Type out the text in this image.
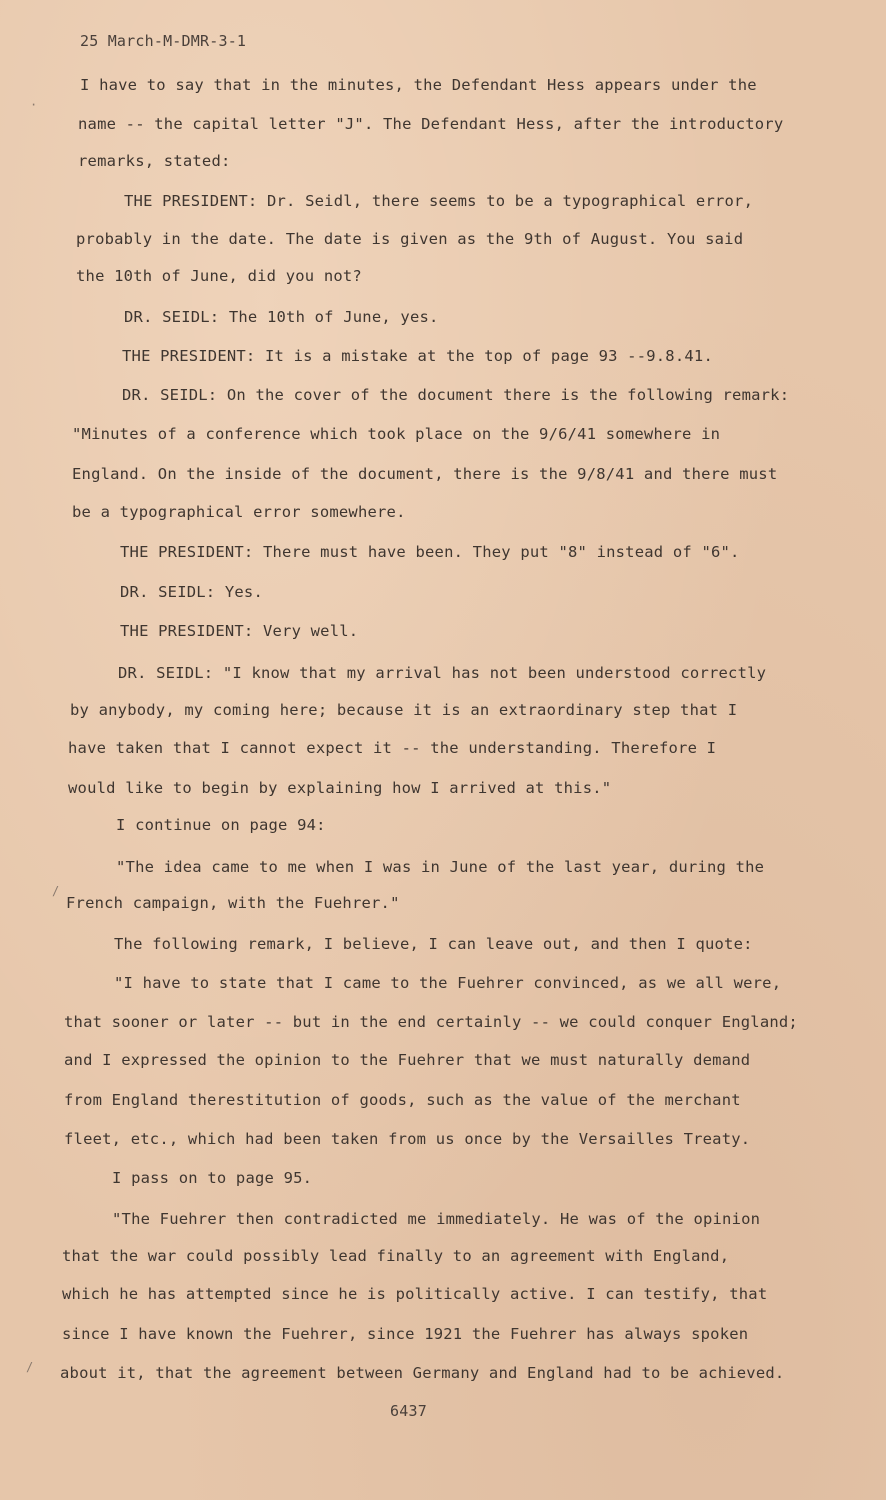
25 March-M-DMR-3-1
I have to say that in the minutes, the Defendant Hess appears under the
name -- the capital letter "J". The Defendant Hess, after the introductory
remarks, stated:
THE PRESIDENT: Dr. Seidl, there seems to be a typographical error,
probably in the date. The date is given as the 9th of August. You said
the 10th of June, did you not?
DR. SEIDL: The 10th of June, yes.
THE PRESIDENT: It is a mistake at the top of page 93 --9.8.41.
DR. SEIDL: On the cover of the document there is the following remark:
"Minutes of a conference which took place on the 9/6/41 somewhere in
England. On the inside of the document, there is the 9/8/41 and there must
be a typographical error somewhere.
THE PRESIDENT: There must have been. They put "8" instead of "6".
DR. SEIDL: Yes.
THE PRESIDENT: Very well.
DR. SEIDL: "I know that my arrival has not been understood correctly
by anybody, my coming here; because it is an extraordinary step that I
have taken that I cannot expect it -- the understanding. Therefore I
would like to begin by explaining how I arrived at this."
I continue on page 94:
"The idea came to me when I was in June of the last year, during the
French campaign, with the Fuehrer."
The following remark, I believe, I can leave out, and then I quote:
"I have to state that I came to the Fuehrer convinced, as we all were,
that sooner or later -- but in the end certainly -- we could conquer England;
and I expressed the opinion to the Fuehrer that we must naturally demand
from England therestitution of goods, such as the value of the merchant
fleet, etc., which had been taken from us once by the Versailles Treaty.
I pass on to page 95.
"The Fuehrer then contradicted me immediately. He was of the opinion
that the war could possibly lead finally to an agreement with England,
which he has attempted since he is politically active. I can testify, that
since I have known the Fuehrer, since 1921 the Fuehrer has always spoken
about it, that the agreement between Germany and England had to be achieved.
6437
·
/
/
